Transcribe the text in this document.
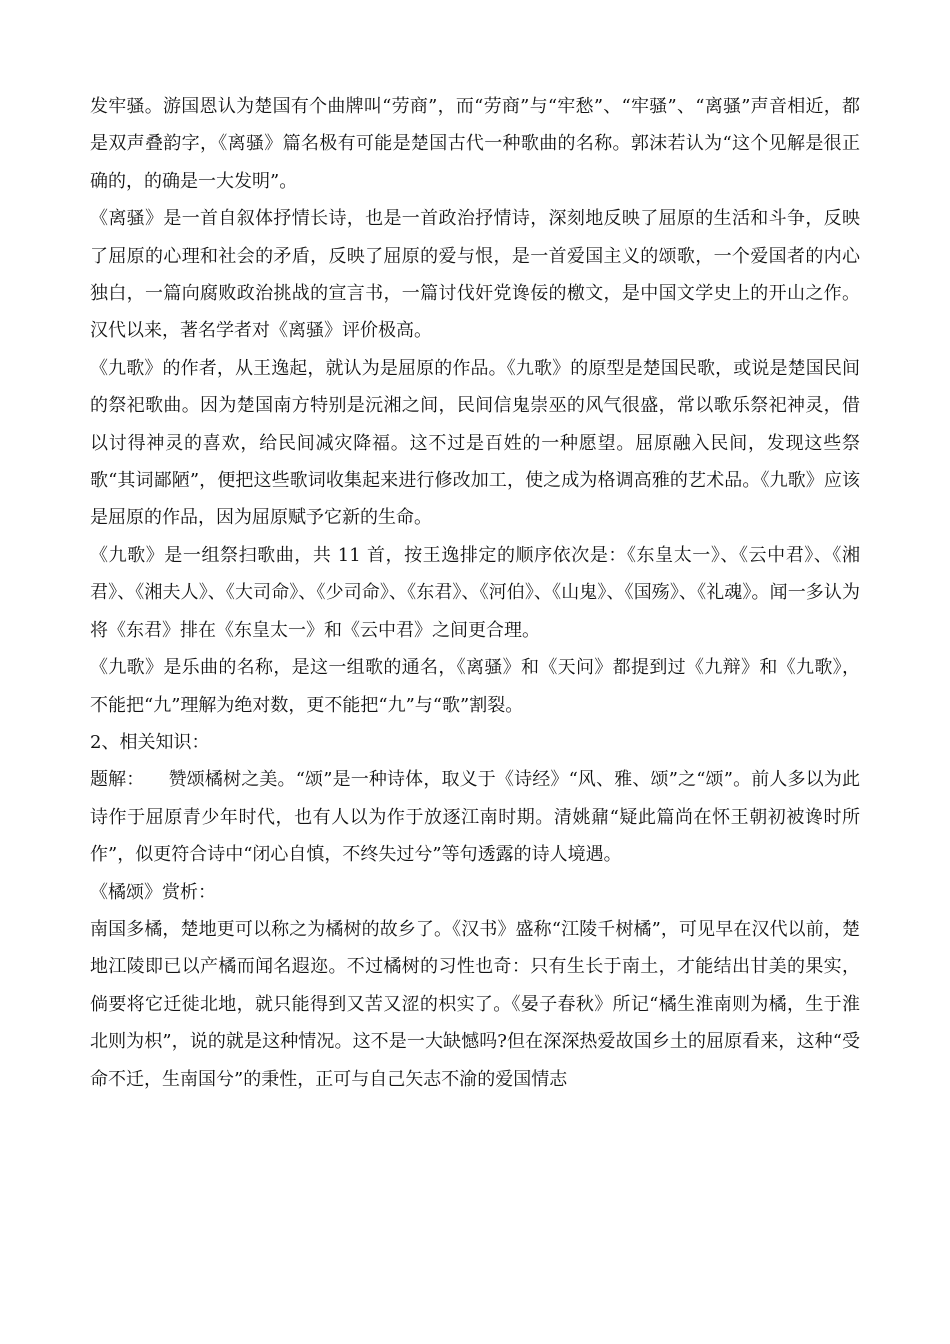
发牢骚。游国恩认为楚国有个曲牌叫“劳商”，而“劳商”与“牢愁”、“牢骚”、“离骚”声音相近，都是双声叠韵字，《离骚》篇名极有可能是楚国古代一种歌曲的名称。郭沫若认为“这个见解是很正确的，的确是一大发明”。

《离骚》是一首自叙体抒情长诗，也是一首政治抒情诗，深刻地反映了屈原的生活和斗争，反映了屈原的心理和社会的矛盾，反映了屈原的爱与恨，是一首爱国主义的颂歌，一个爱国者的内心独白，一篇向腐败政治挑战的宣言书，一篇讨伐奸党谗佞的檄文，是中国文学史上的开山之作。汉代以来，著名学者对《离骚》评价极高。

《九歌》的作者，从王逸起，就认为是屈原的作品。《九歌》的原型是楚国民歌，或说是楚国民间的祭祀歌曲。因为楚国南方特别是沅湘之间，民间信鬼崇巫的风气很盛，常以歌乐祭祀神灵，借以讨得神灵的喜欢，给民间减灾降福。这不过是百姓的一种愿望。屈原融入民间，发现这些祭歌“其词鄙陋”，便把这些歌词收集起来进行修改加工，使之成为格调高雅的艺术品。《九歌》应该是屈原的作品，因为屈原赋予它新的生命。

《九歌》是一组祭扫歌曲，共 11 首，按王逸排定的顺序依次是：《东皇太一》、《云中君》、《湘君》、《湘夫人》、《大司命》、《少司命》、《东君》、《河伯》、《山鬼》、《国殇》、《礼魂》。闻一多认为将《东君》排在《东皇太一》和《云中君》之间更合理。

《九歌》是乐曲的名称，是这一组歌的通名，《离骚》和《天问》都提到过《九辩》和《九歌》，不能把“九”理解为绝对数，更不能把“九”与“歌”割裂。

2、相关知识：

题解： 赞颂橘树之美。“颂”是一种诗体，取义于《诗经》“风、雅、颂”之“颂”。前人多以为此诗作于屈原青少年时代，也有人以为作于放逐江南时期。清姚鼐“疑此篇尚在怀王朝初被谗时所作”，似更符合诗中“闭心自慎，不终失过兮”等句透露的诗人境遇。

《橘颂》赏析：

南国多橘，楚地更可以称之为橘树的故乡了。《汉书》盛称“江陵千树橘”，可见早在汉代以前，楚地江陵即已以产橘而闻名遐迩。不过橘树的习性也奇：只有生长于南土，才能结出甘美的果实，倘要将它迁徙北地，就只能得到又苦又涩的枳实了。《晏子春秋》所记“橘生淮南则为橘，生于淮北则为枳”，说的就是这种情况。这不是一大缺憾吗?但在深深热爱故国乡土的屈原看来，这种“受命不迁，生南国兮”的秉性，正可与自己矢志不渝的爱国情志
